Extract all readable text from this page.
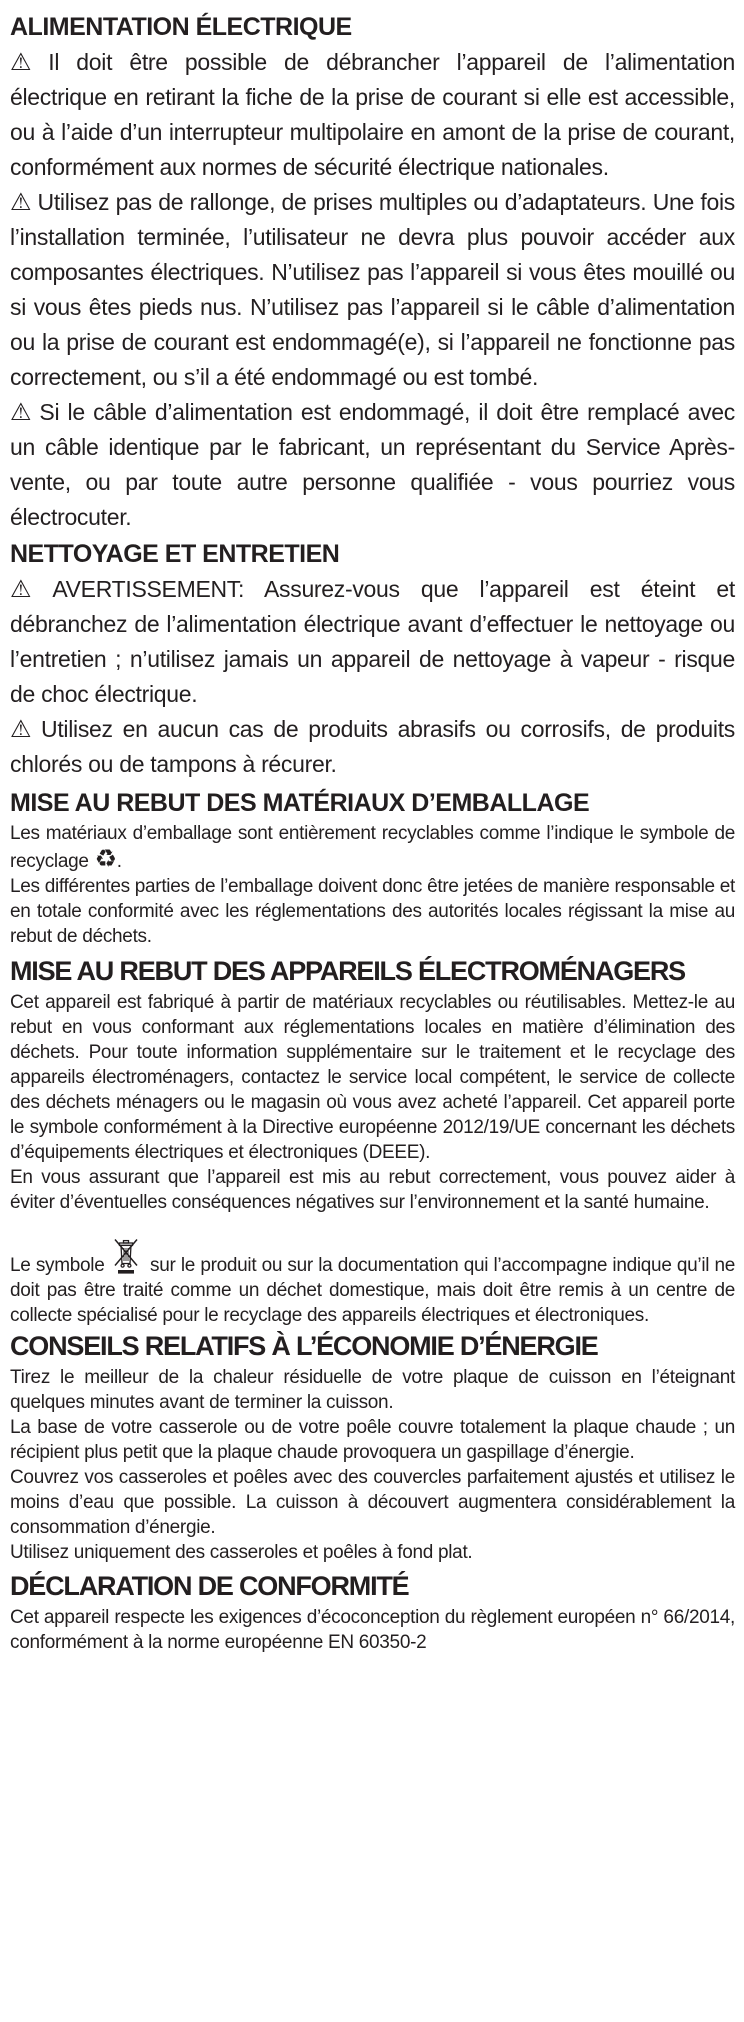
ALIMENTATION ÉLECTRIQUE

⚠ Il doit être possible de débrancher l’appareil de l’alimentation électrique en retirant la fiche de la prise de courant si elle est accessible, ou à l’aide d’un interrupteur multipolaire en amont de la prise de courant, conformément aux normes de sécurité électrique nationales.

⚠ Utilisez pas de rallonge, de prises multiples ou d’adaptateurs. Une fois l’installation terminée, l’utilisateur ne devra plus pouvoir accéder aux composantes électriques. N’utilisez pas l’appareil si vous êtes mouillé ou si vous êtes pieds nus. N’utilisez pas l’appareil si le câble d’alimentation ou la prise de courant est endommagé(e), si l’appareil ne fonctionne pas correctement, ou s’il a été endommagé ou est tombé.

⚠ Si le câble d’alimentation est endommagé, il doit être remplacé avec un câble identique par le fabricant, un représentant du Service Après-vente, ou par toute autre personne qualifiée - vous pourriez vous électrocuter.

NETTOYAGE ET ENTRETIEN

⚠ AVERTISSEMENT: Assurez-vous que l’appareil est éteint et débranchez de l’alimentation électrique avant d’effectuer le nettoyage ou l’entretien ; n’utilisez jamais un appareil de nettoyage à vapeur - risque de choc électrique.

⚠ Utilisez en aucun cas de produits abrasifs ou corrosifs, de produits chlorés ou de tampons à récurer.

MISE AU REBUT DES MATÉRIAUX D’EMBALLAGE

Les matériaux d’emballage sont entièrement recyclables comme l’indique le symbole de recyclage ♻.

Les différentes parties de l’emballage doivent donc être jetées de manière responsable et en totale conformité avec les réglementations des autorités locales régissant la mise au rebut de déchets.

MISE AU REBUT DES APPAREILS ÉLECTROMÉNAGERS

Cet appareil est fabriqué à partir de matériaux recyclables ou réutilisables. Mettez-le au rebut en vous conformant aux réglementations locales en matière d’élimination des déchets. Pour toute information supplémentaire sur le traitement et le recyclage des appareils électroménagers, contactez le service local compétent, le service de collecte des déchets ménagers ou le magasin où vous avez acheté l’appareil. Cet appareil porte le symbole conformément à la Directive européenne 2012/19/UE concernant les déchets d’équipements électriques et électroniques (DEEE).

En vous assurant que l’appareil est mis au rebut correctement, vous pouvez aider à éviter d’éventuelles conséquences négatives sur l’environnement et la santé humaine.

Le symbole  sur le produit ou sur la documentation qui l’accompagne indique qu’il ne doit pas être traité comme un déchet domestique, mais doit être remis à un centre de collecte spécialisé pour le recyclage des appareils électriques et électroniques.

CONSEILS RELATIFS À L’ÉCONOMIE D’ÉNERGIE

Tirez le meilleur de la chaleur résiduelle de votre plaque de cuisson en l’éteignant quelques minutes avant de terminer la cuisson.

La base de votre casserole ou de votre poêle couvre totalement la plaque chaude ; un récipient plus petit que la plaque chaude provoquera un gaspillage d’énergie.

Couvrez vos casseroles et poêles avec des couvercles parfaitement ajustés et utilisez le moins d’eau que possible. La cuisson à découvert augmentera considérablement la consommation d’énergie.

Utilisez uniquement des casseroles et poêles à fond plat.

DÉCLARATION DE CONFORMITÉ

Cet appareil respecte les exigences d’écoconception du règlement européen n° 66/2014, conformément à la norme européenne EN 60350-2
